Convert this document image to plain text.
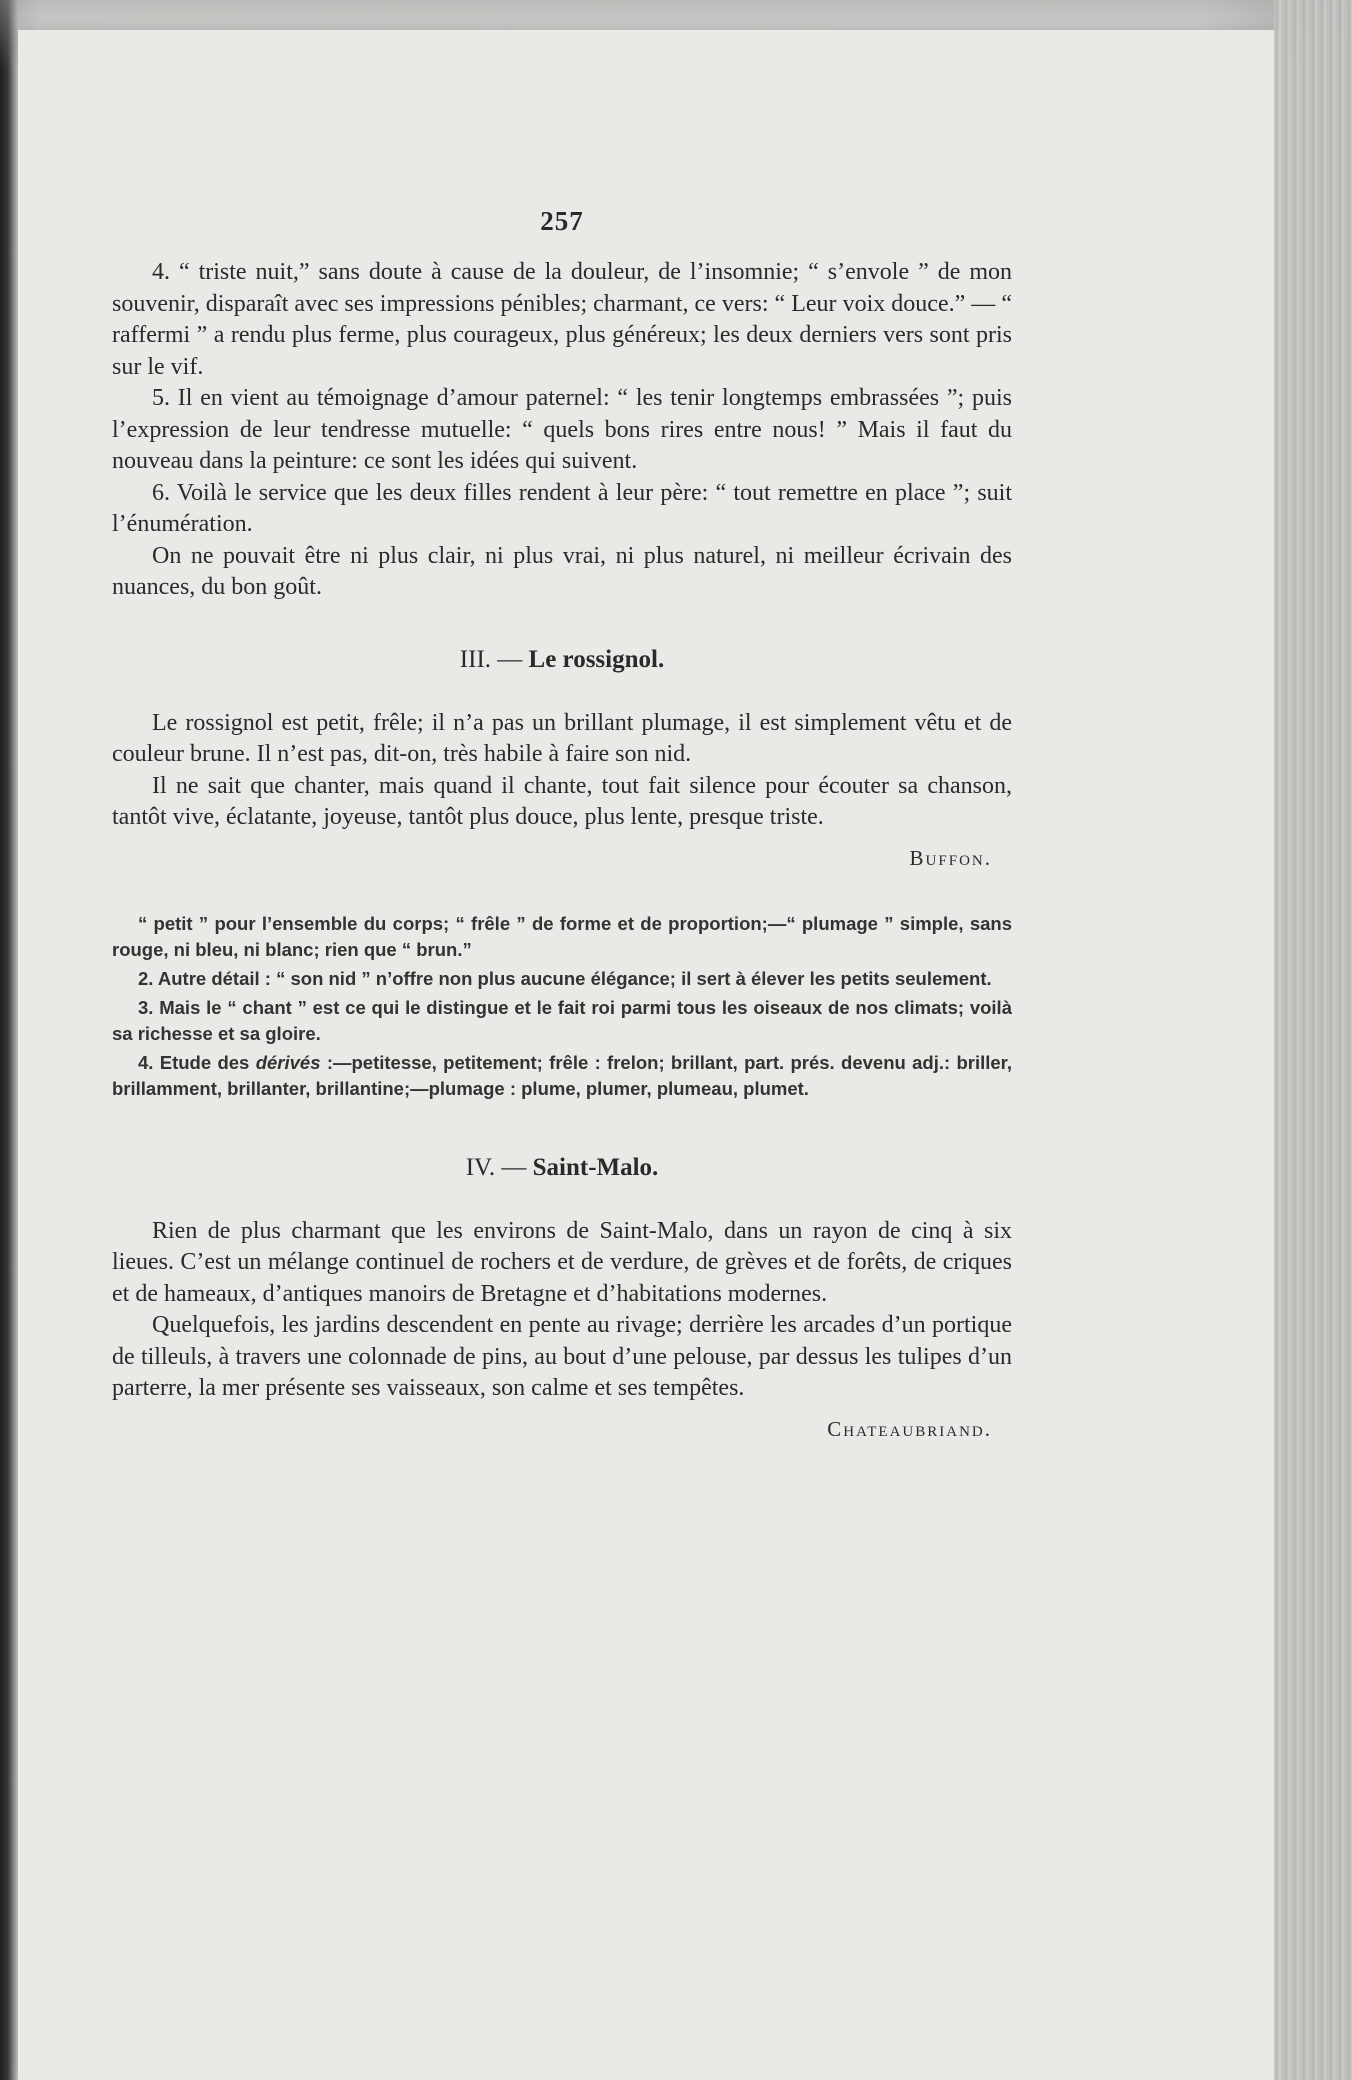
257

4. “ triste nuit,” sans doute à cause de la douleur, de l’insomnie; “ s’envole ” de mon souvenir, disparaît avec ses impressions pénibles; charmant, ce vers: “ Leur voix douce.” — “ raffermi ” a rendu plus ferme, plus courageux, plus généreux; les deux derniers vers sont pris sur le vif.

5. Il en vient au témoignage d’amour paternel: “ les tenir longtemps embrassées ”; puis l’expression de leur tendresse mutuelle: “ quels bons rires entre nous! ” Mais il faut du nouveau dans la peinture: ce sont les idées qui suivent.

6. Voilà le service que les deux filles rendent à leur père: “ tout remettre en place ”; suit l’énumération.

On ne pouvait être ni plus clair, ni plus vrai, ni plus naturel, ni meilleur écrivain des nuances, du bon goût.

III. — Le rossignol.

Le rossignol est petit, frêle; il n’a pas un brillant plumage, il est simplement vêtu et de couleur brune. Il n’est pas, dit-on, très habile à faire son nid.

Il ne sait que chanter, mais quand il chante, tout fait silence pour écouter sa chanson, tantôt vive, éclatante, joyeuse, tantôt plus douce, plus lente, presque triste.

Buffon.

“ petit ” pour l’ensemble du corps; “ frêle ” de forme et de proportion;—“ plumage ” simple, sans rouge, ni bleu, ni blanc; rien que “ brun.”

2. Autre détail : “ son nid ” n’offre non plus aucune élégance; il sert à élever les petits seulement.

3. Mais le “ chant ” est ce qui le distingue et le fait roi parmi tous les oiseaux de nos climats; voilà sa richesse et sa gloire.

4. Etude des dérivés :—petitesse, petitement; frêle : frelon; brillant, part. prés. devenu adj.: briller, brillamment, brillanter, brillantine;—plumage : plume, plumer, plumeau, plumet.

IV. — Saint-Malo.

Rien de plus charmant que les environs de Saint-Malo, dans un rayon de cinq à six lieues. C’est un mélange continuel de rochers et de verdure, de grèves et de forêts, de criques et de hameaux, d’antiques manoirs de Bretagne et d’habitations modernes.

Quelquefois, les jardins descendent en pente au rivage; derrière les arcades d’un portique de tilleuls, à travers une colonnade de pins, au bout d’une pelouse, par dessus les tulipes d’un parterre, la mer présente ses vaisseaux, son calme et ses tempêtes.

Chateaubriand.
